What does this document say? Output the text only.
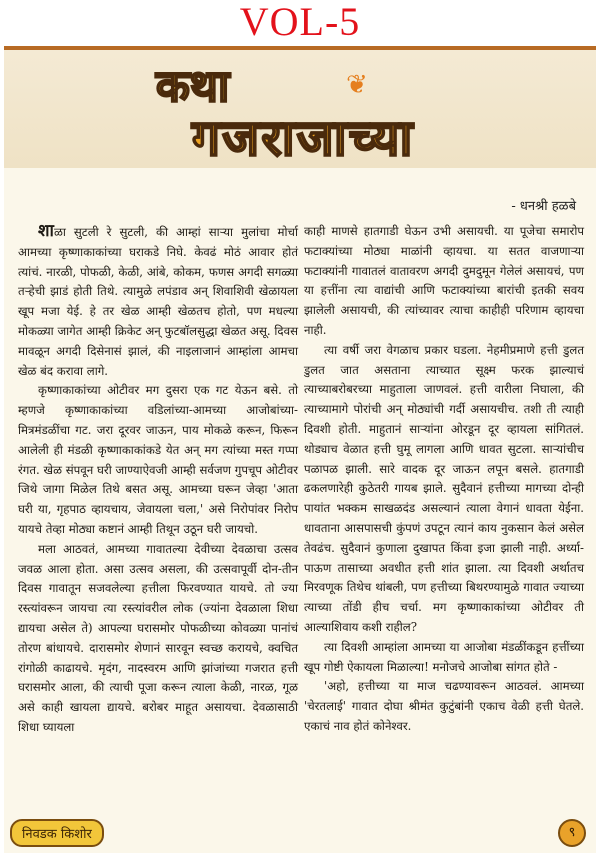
VOL-5
कथा	❦
गजराजाच्या
- धनश्री हळबे

शाळा सुटली रे सुटली, की आम्हां साऱ्या मुलांचा मोर्चा आमच्या कृष्णाकाकांच्या घराकडे निघे. केवढं मोठं आवार होतं त्यांचं. नारळी, पोफळी, केळी, आंबे, कोकम, फणस अगदी सगळ्या तऱ्हेची झाडं होती तिथे. त्यामुळे लपंडाव अन्‌ शिवाशिवी खेळायला खूप मजा येई. हे तर खेळ आम्ही खेळतच होतो, पण मधल्या मोकळ्या जागेत आम्ही क्रिकेट अन्‌ फुटबॉलसुद्धा खेळत असू. दिवस मावळून अगदी दिसेनासं झालं, की नाइलाजानं आम्हांला आमचा खेळ बंद करावा लागे.

कृष्णाकाकांच्या ओटीवर मग दुसरा एक गट येऊन बसे. तो म्हणजे कृष्णाकाकांच्या वडिलांच्या-आमच्या आजोबांच्या-मित्रमंडळींचा गट. जरा दूरवर जाऊन, पाय मोकळे करून, फिरून आलेली ही मंडळी कृष्णाकाकांकडे येत अन्‌ मग त्यांच्या मस्त गप्पा रंगत. खेळ संपवून घरी जाण्याऐवजी आम्ही सर्वजण गुपचूप ओटीवर जिथे जागा मिळेल तिथे बसत असू. आमच्या घरून जेव्हा 'आता घरी या, गृहपाठ व्हायचाय, जेवायला चला,' असे निरोपांवर निरोप यायचे तेव्हा मोठ्या कष्टानं आम्ही तिथून उठून घरी जायचो.

मला आठवतं, आमच्या गावातल्या देवीच्या देवळाचा उत्सव जवळ आला होता. असा उत्सव असला, की उत्सवापूर्वी दोन-तीन दिवस गावातून सजवलेल्या हत्तीला फिरवण्यात यायचे. तो ज्या रस्त्यांवरून जायचा त्या रस्त्यांवरील लोक (ज्यांना देवळाला शिधा द्यायचा असेल ते) आपल्या घरासमोर पोफळीच्या कोवळ्या पानांचं तोरण बांधायचे. दारासमोर शेणानं सारवून स्वच्छ करायचे, क्वचित रांगोळी काढायचे. मृदंग, नादस्वरम आणि झांजांच्या गजरात हत्ती घरासमोर आला, की त्याची पूजा करून त्याला केळी, नारळ, गूळ असे काही खायला द्यायचे. बरोबर माहूत असायचा. देवळासाठी शिधा घ्यायला

काही माणसे हातगाडी घेऊन उभी असायची. या पूजेचा समारोप फटाक्यांच्या मोठ्या माळांनी व्हायचा. या सतत वाजणाऱ्या फटाक्यांनी गावातलं वातावरण अगदी दुमदुमून गेलेलं असायचं, पण या हत्तींना त्या वाद्यांची आणि फटाक्यांच्या बारांची इतकी सवय झालेली असायची, की त्यांच्यावर त्याचा काहीही परिणाम व्हायचा नाही.

त्या वर्षी जरा वेगळाच प्रकार घडला. नेहमीप्रमाणे हत्ती डुलत डुलत जात असताना त्याच्यात सूक्ष्म फरक झाल्याचं त्याच्याबरोबरच्या माहुताला जाणवलं. हत्ती वारीला निघाला, की त्याच्यामागे पोरांची अन्‌ मोठ्यांची गर्दी असायचीच. तशी ती त्याही दिवशी होती. माहुतानं साऱ्यांना ओरडून दूर व्हायला सांगितलं. थोड्याच वेळात हत्ती घुमू लागला आणि धावत सुटला. साऱ्यांचीच पळापळ झाली. सारे वादक दूर जाऊन लपून बसले. हातगाडी ढकलणारेही कुठेतरी गायब झाले. सुदैवानं हत्तीच्या मागच्या दोन्ही पायांत भक्कम साखळदंड असल्यानं त्याला वेगानं धावता येईना. धावताना आसपासची कुंपणं उपटून त्यानं काय नुकसान केलं असेल तेवढंच. सुदैवानं कुणाला दुखापत किंवा इजा झाली नाही. अर्ध्या-पाऊण तासाच्या अवधीत हत्ती शांत झाला. त्या दिवशी अर्थातच मिरवणूक तिथेच थांबली, पण हत्तीच्या बिथरण्यामुळे गावात ज्याच्या त्याच्या तोंडी हीच चर्चा. मग कृष्णाकाकांच्या ओटीवर ती आल्याशिवाय कशी राहील?

त्या दिवशी आम्हांला आमच्या या आजोबा मंडळींकडून हत्तींच्या खूप गोष्टी ऐकायला मिळाल्या! मनोजचे आजोबा सांगत होते -

'अहो, हत्तीच्या या माज चढण्यावरून आठवलं. आमच्या 'चेरतलाई' गावात दोघा श्रीमंत कुटुंबांनी एकाच वेळी हत्ती घेतले. एकाचं नाव होतं कोनेश्वर.

निवडक किशोर	९
